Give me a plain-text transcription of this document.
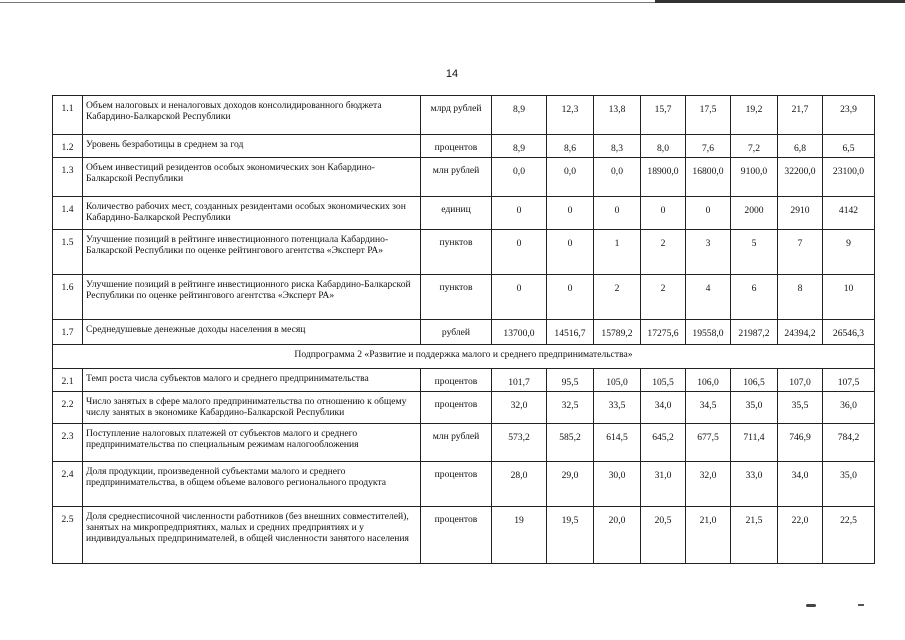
14
1.1	Объем налоговых и неналоговых доходов консолидированного бюджета Кабардино-Балкарской Республики	млрд рублей	8,9	12,3	13,8	15,7	17,5	19,2	21,7	23,9
1.2	Уровень безработицы в среднем за год	процентов	8,9	8,6	8,3	8,0	7,6	7,2	6,8	6,5
1.3	Объем инвестиций резидентов особых экономических зон Кабардино-Балкарской Республики	млн рублей	0,0	0,0	0,0	18900,0	16800,0	9100,0	32200,0	23100,0
1.4	Количество рабочих мест, созданных резидентами особых экономических зон Кабардино-Балкарской Республики	единиц	0	0	0	0	0	2000	2910	4142
1.5	Улучшение позиций в рейтинге инвестиционного потенциала Кабардино-Балкарской Республики по оценке рейтингового агентства «Эксперт РА»	пунктов	0	0	1	2	3	5	7	9
1.6	Улучшение позиций в рейтинге инвестиционного риска Кабардино-Балкарской Республики по оценке рейтингового агентства «Эксперт РА»	пунктов	0	0	2	2	4	6	8	10
1.7	Среднедушевые денежные доходы населения в месяц	рублей	13700,0	14516,7	15789,2	17275,6	19558,0	21987,2	24394,2	26546,3
Подпрограмма 2 «Развитие и поддержка малого и среднего предпринимательства»										
2.1	Темп роста числа субъектов малого и среднего предпринимательства	процентов	101,7	95,5	105,0	105,5	106,0	106,5	107,0	107,5
2.2	Число занятых в сфере малого предпринимательства по отношению к общему числу занятых в экономике Кабардино-Балкарской Республики	процентов	32,0	32,5	33,5	34,0	34,5	35,0	35,5	36,0
2.3	Поступление налоговых платежей от субъектов малого и среднего предпринимательства по специальным режимам налогообложения	млн рублей	573,2	585,2	614,5	645,2	677,5	711,4	746,9	784,2
2.4	Доля продукции, произведенной субъектами малого и среднего предпринимательства, в общем объеме валового регионального продукта	процентов	28,0	29,0	30,0	31,0	32,0	33,0	34,0	35,0
2.5	Доля среднесписочной численности работников (без внешних совместителей), занятых на микропредприятиях, малых и средних предприятиях и у индивидуальных предпринимателей, в общей численности занятого населения	процентов	19	19,5	20,0	20,5	21,0	21,5	22,0	22,5
